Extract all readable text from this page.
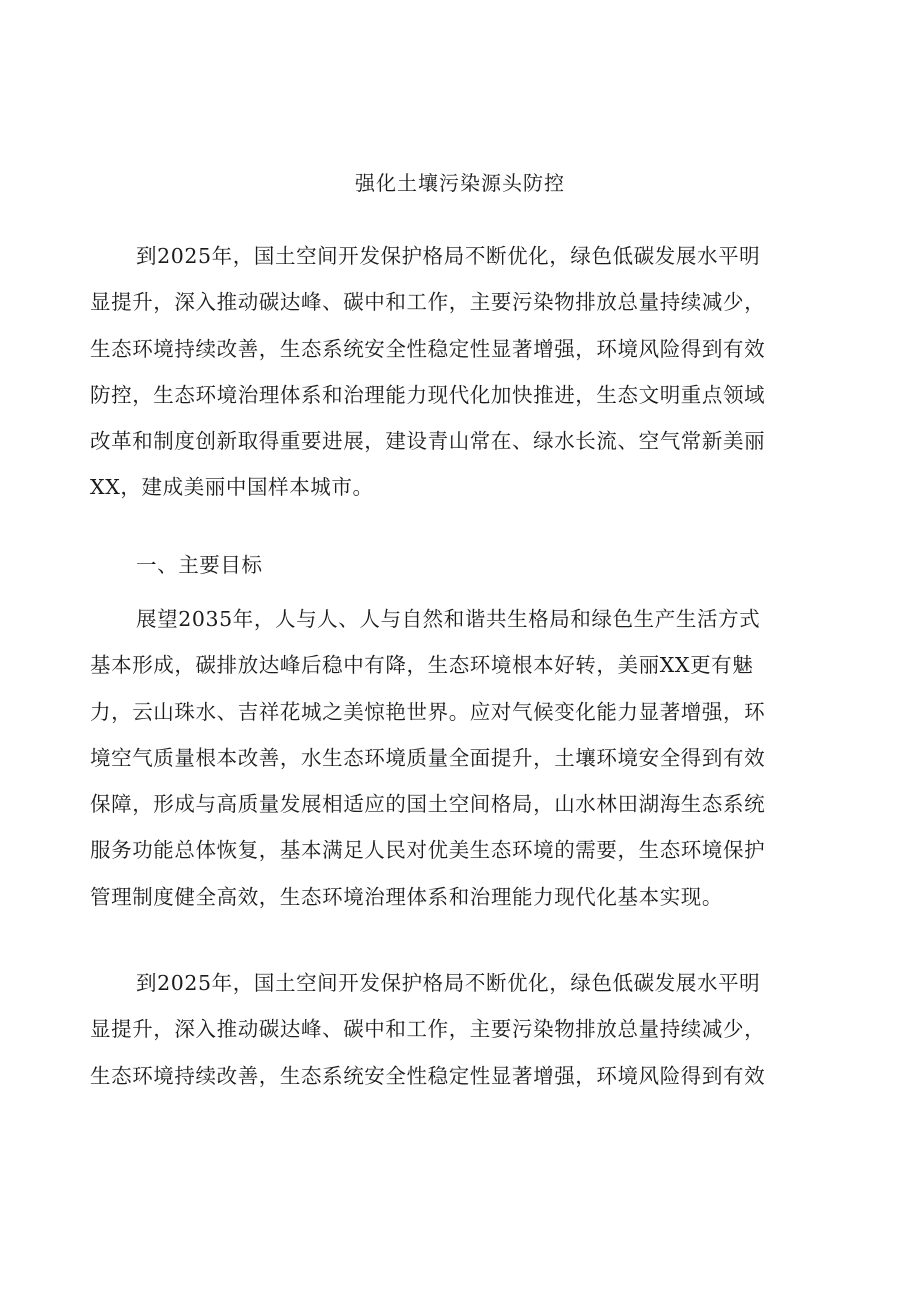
强化土壤污染源头防控
到2025年，国土空间开发保护格局不断优化，绿色低碳发展水平明
显提升，深入推动碳达峰、碳中和工作，主要污染物排放总量持续减少，
生态环境持续改善，生态系统安全性稳定性显著增强，环境风险得到有效
防控，生态环境治理体系和治理能力现代化加快推进，生态文明重点领域
改革和制度创新取得重要进展，建设青山常在、绿水长流、空气常新美丽
XX，建成美丽中国样本城市。
一、主要目标
展望2035年，人与人、人与自然和谐共生格局和绿色生产生活方式
基本形成，碳排放达峰后稳中有降，生态环境根本好转，美丽XX更有魅
力，云山珠水、吉祥花城之美惊艳世界。应对气候变化能力显著增强，环
境空气质量根本改善，水生态环境质量全面提升，土壤环境安全得到有效
保障，形成与高质量发展相适应的国土空间格局，山水林田湖海生态系统
服务功能总体恢复，基本满足人民对优美生态环境的需要，生态环境保护
管理制度健全高效，生态环境治理体系和治理能力现代化基本实现。
到2025年，国土空间开发保护格局不断优化，绿色低碳发展水平明
显提升，深入推动碳达峰、碳中和工作，主要污染物排放总量持续减少，
生态环境持续改善，生态系统安全性稳定性显著增强，环境风险得到有效
